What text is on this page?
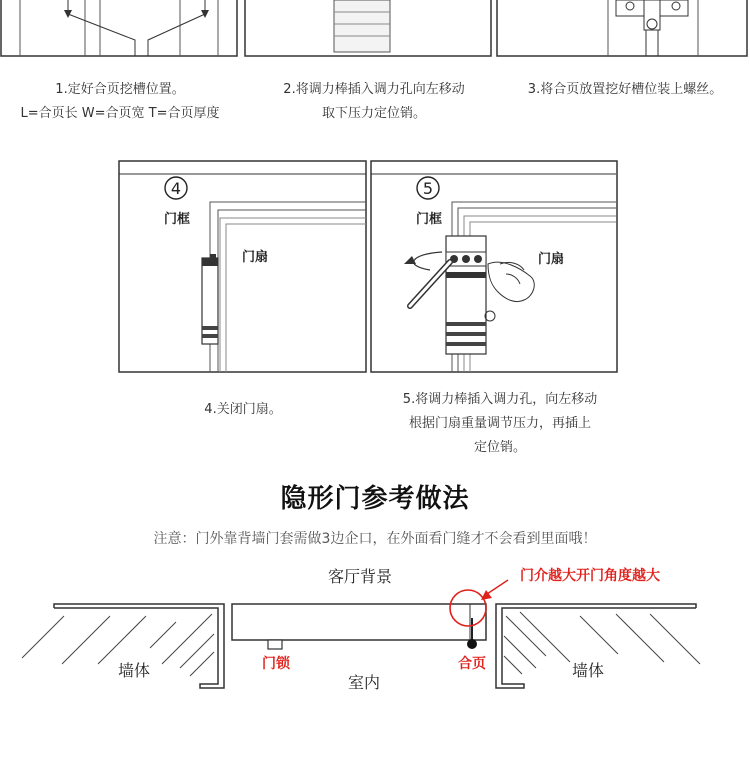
1.定好合页挖槽位置。
L=合页长 W=合页宽 T=合页厚度
2.将调力棒插入调力孔向左移动
取下压力定位销。
3.将合页放置挖好槽位装上螺丝。
4
门框
门扇
5
门框
门扇
4.关闭门扇。
5.将调力棒插入调力孔，向左移动
根据门扇重量调节压力，再插上
定位销。
隐形门参考做法
注意：门外靠背墙门套需做3边企口，在外面看门缝才不会看到里面哦！
客厅背景
墙体	墙体
室内
门锁	合页
门介越大开门角度越大
